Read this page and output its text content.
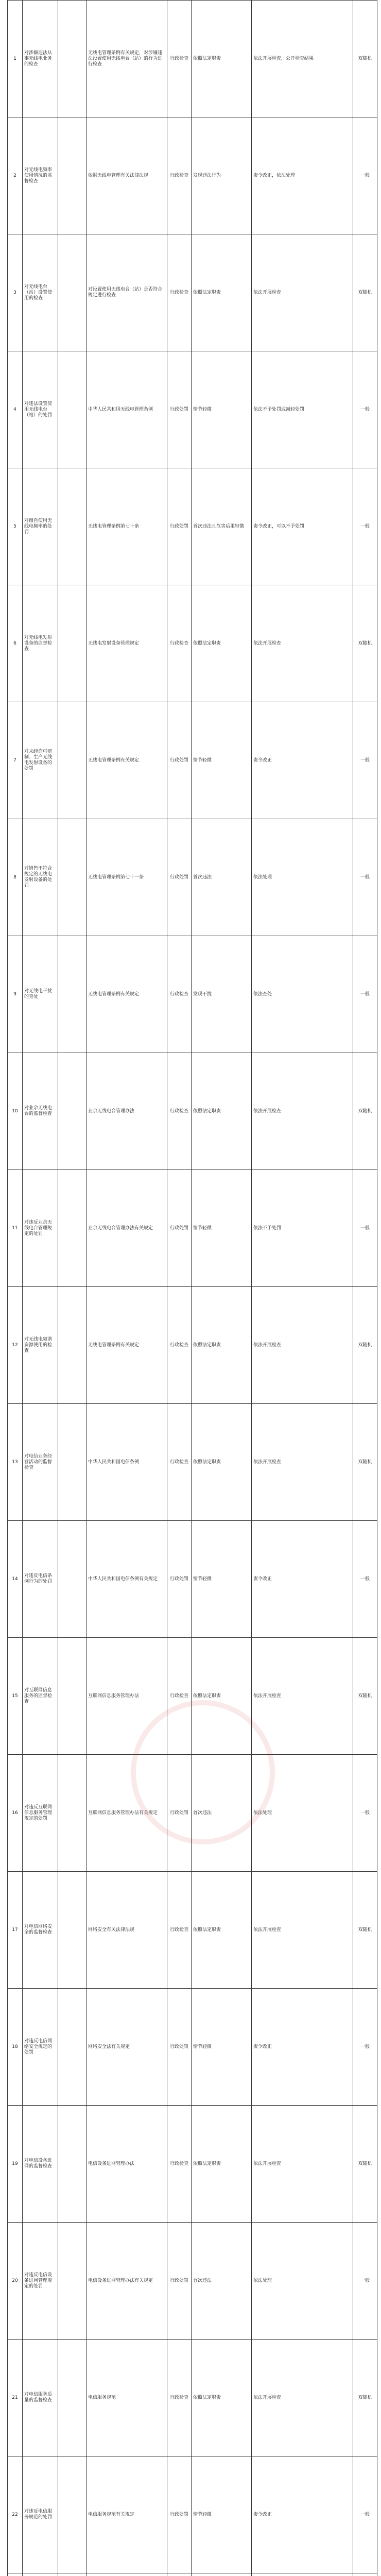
1	对涉嫌违法从事无线电业务的检查		无线电管理条例有关规定，对涉嫌违法设置使用无线电台（站）的行为进行检查	行政检查	依照法定职责	依法开展检查，公开检查结果	双随机
2	对无线电频率使用情况的监督检查		依据无线电管理有关法律法规	行政检查	发现违法行为	责令改正，依法处理	一般
3	对无线电台（站）设置使用的检查		对设置使用无线电台（站）是否符合规定进行检查	行政检查	依照法定职责	依法开展检查	双随机
4	对违法设置使用无线电台（站）的处罚		中华人民共和国无线电管理条例	行政处罚	情节轻微	依法不予处罚或减轻处罚	一般
5	对擅自使用无线电频率的处罚		无线电管理条例第七十条	行政处罚	首次违法且危害后果轻微	责令改正，可以不予处罚	一般
6	对无线电发射设备的监督检查		无线电发射设备管理规定	行政检查	依照法定职责	依法开展检查	双随机
7	对未经许可研制、生产无线电发射设备的处罚		无线电管理条例有关规定	行政处罚	情节轻微	责令改正	一般
8	对销售不符合规定的无线电发射设备的处罚		无线电管理条例第七十一条	行政处罚	首次违法	依法处理	一般
9	对无线电干扰的查处		无线电管理条例有关规定	行政检查	发现干扰	依法查处	一般
10	对业余无线电台的监督检查		业余无线电台管理办法	行政检查	依照法定职责	依法开展检查	双随机
11	对违反业余无线电台管理规定的处罚		业余无线电台管理办法有关规定	行政处罚	情节轻微	依法不予处罚	一般
12	对无线电频谱资源使用的检查		无线电管理条例有关规定	行政检查	依照法定职责	依法开展检查	双随机
13	对电信业务经营活动的监督检查		中华人民共和国电信条例	行政检查	依照法定职责	依法开展检查	双随机
14	对违反电信条例行为的处罚		中华人民共和国电信条例有关规定	行政处罚	情节轻微	责令改正	一般
15	对互联网信息服务的监督检查		互联网信息服务管理办法	行政检查	依照法定职责	依法开展检查	双随机
16	对违反互联网信息服务管理规定的处罚		互联网信息服务管理办法有关规定	行政处罚	首次违法	依法处理	一般
17	对电信网络安全的监督检查		网络安全有关法律法规	行政检查	依照法定职责	依法开展检查	双随机
18	对违反电信网络安全规定的处罚		网络安全法有关规定	行政处罚	情节轻微	责令改正	一般
19	对电信设备进网的监督检查		电信设备进网管理办法	行政检查	依照法定职责	依法开展检查	双随机
20	对违反电信设备进网管理规定的处罚		电信设备进网管理办法有关规定	行政处罚	首次违法	依法处理	一般
21	对电信服务质量的监督检查		电信服务规范	行政检查	依照法定职责	依法开展检查	双随机
22	对违反电信服务规范的处罚		电信服务规范有关规定	行政处罚	情节轻微	责令改正	一般
